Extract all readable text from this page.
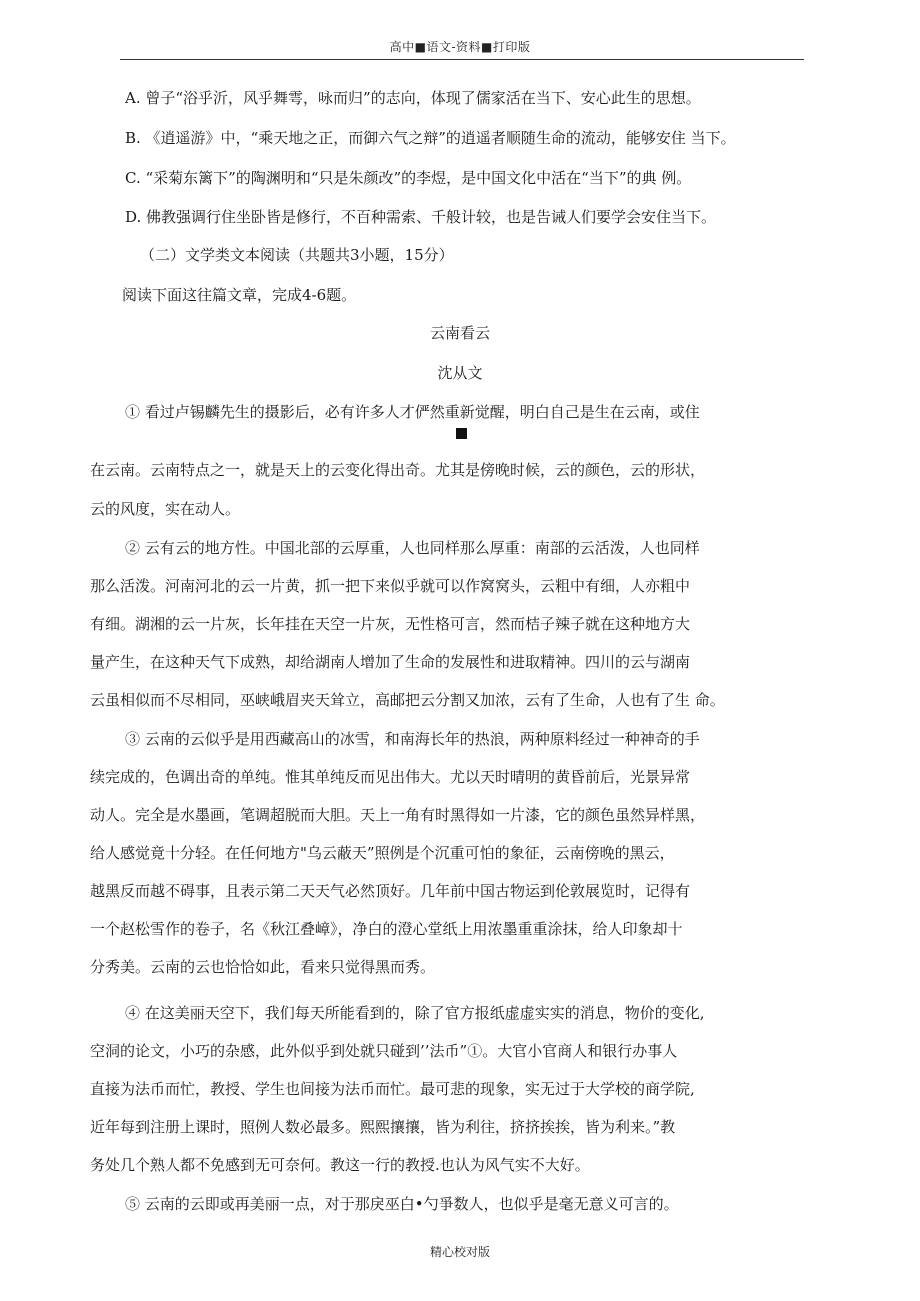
高中■语文-资料■打印版
A. 曾子“浴乎沂，风乎舞雩，咏而归”的志向，体现了儒家活在当下、安心此生的思想。
B. 《逍遥游》中，“乘天地之正，而御六气之辩”的逍遥者顺随生命的流动，能够安住 当下。
C. “采菊东篱下”的陶渊明和“只是朱颜改”的李煜，是中国文化中活在“当下”的典 例。
D. 佛教强调行住坐卧皆是修行，不百种需索、千般计较，也是告诫人们要学会安住当下。
（二）文学类文本阅读（共题共3小题，15分）
阅读下面这往篇文章，完成4-6题。
云南看云
沈从文
① 看过卢锡麟先生的摄影后，必有许多人才俨然重新觉醒，明白自己是生在云南，或住
在云南。云南特点之一，就是天上的云变化得出奇。尤其是傍晚时候，云的颜色，云的形状，
云的风度，实在动人。
② 云有云的地方性。中国北部的云厚重，人也同样那么厚重：南部的云活泼，人也同样
那么活泼。河南河北的云一片黄，抓一把下来似乎就可以作窝窝头，云粗中有细，人亦粗中
有细。湖湘的云一片灰，长年挂在天空一片灰，无性格可言，然而桔子辣子就在这种地方大
量产生，在这种天气下成熟，却给湖南人增加了生命的发展性和进取精神。四川的云与湖南
云虽相似而不尽相同，巫峡峨眉夹天耸立，高邮把云分割又加浓，云有了生命，人也有了生 命。
③ 云南的云似乎是用西藏高山的冰雪，和南海长年的热浪，两种原料经过一种神奇的手
续完成的，色调出奇的单纯。惟其单纯反而见出伟大。尤以天时晴明的黄昏前后，光景异常
动人。完全是水墨画，笔调超脱而大胆。天上一角有时黑得如一片漆，它的颜色虽然异样黑，
给人感觉竟十分轻。在任何地方"乌云蔽天”照例是个沉重可怕的象征，云南傍晚的黑云，
越黑反而越不碍事，且表示第二天天气必然顶好。几年前中国古物运到伦敦展览时，记得有
一个赵松雪作的卷子，名《秋江叠嶂》，净白的澄心堂纸上用浓墨重重涂抹，给人印象却十
分秀美。云南的云也恰恰如此，看来只觉得黑而秀。
④ 在这美丽天空下，我们每天所能看到的，除了官方报纸虚虚实实的消息，物价的变化,
空洞的论文，小巧的杂感，此外似乎到处就只碰到’’法币”①。大官小官商人和银行办事人
直接为法币而忙，教授、学生也间接为法币而忙。最可悲的现象，实无过于大学校的商学院,
近年每到注册上课时，照例人数必最多。熙熙攘攘，皆为利往，挤挤挨挨，皆为利来。”教
务处几个熟人都不免感到无可奈何。教这一行的教授.也认为风气实不大好。
⑤ 云南的云即或再美丽一点，对于那戾巫白•勺爭数人，也似乎是毫无意义可言的。
精心校对版
